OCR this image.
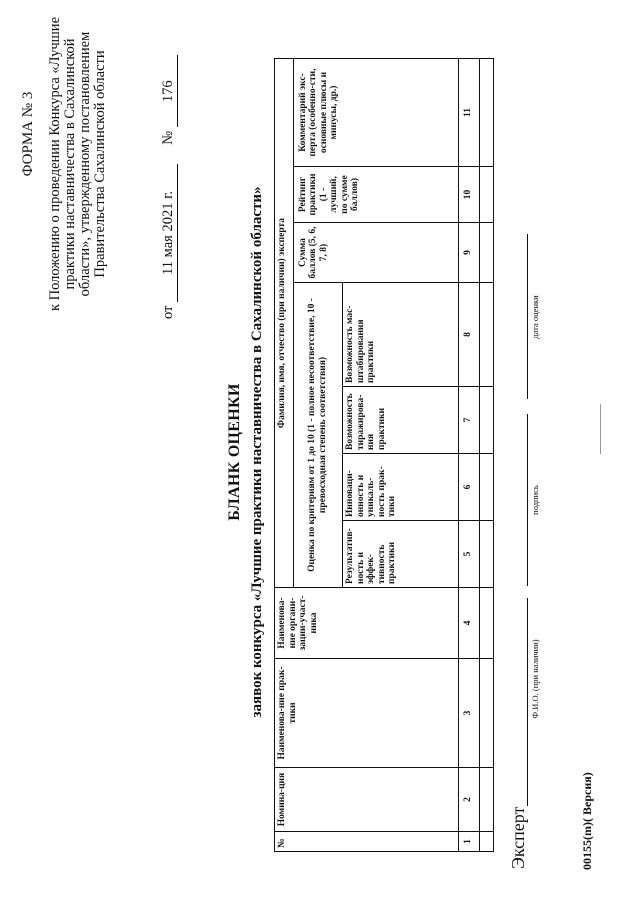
ФОРМА № 3 к Положению о проведении Конкурса «Лучшие практики наставничества в Сахалинской области», утвержденному постановлением Правительства Сахалинской области
от 11 мая 2021 г.  № 176
БЛАНК ОЦЕНКИ заявок конкурса «Лучшие практики наставничества в Сахалинской области»
№	Номина-ция	Наименова-ние прак-тики	Наименова-ние органи-зации-участ-ника	Фамилия, имя, отчество (при наличии) эксперта						
				Оценка по критериям от 1 до 10 (1 - полное несоответствие, 10 - превосходная степень соответствия)				Сумма баллов (5, 6, 7, 8)	Рейтинг практики (1 - лучший, по сумме баллов)	Комментарий экс-перта (особенно-сти, основные плюсы и минусы, др.)
				Результатив-ность и эффек-тивность практики	Инноваци-онность и уникаль-ность прак-тики	Возможность тиражирова-ния практики	Возможность мас-штабирования практики			
1	2	3	4	5	6	7	8	9	10	11

Эксперт
Ф.И.О. (при наличии)
подпись
дата оценки
00155(m)( Версия)
